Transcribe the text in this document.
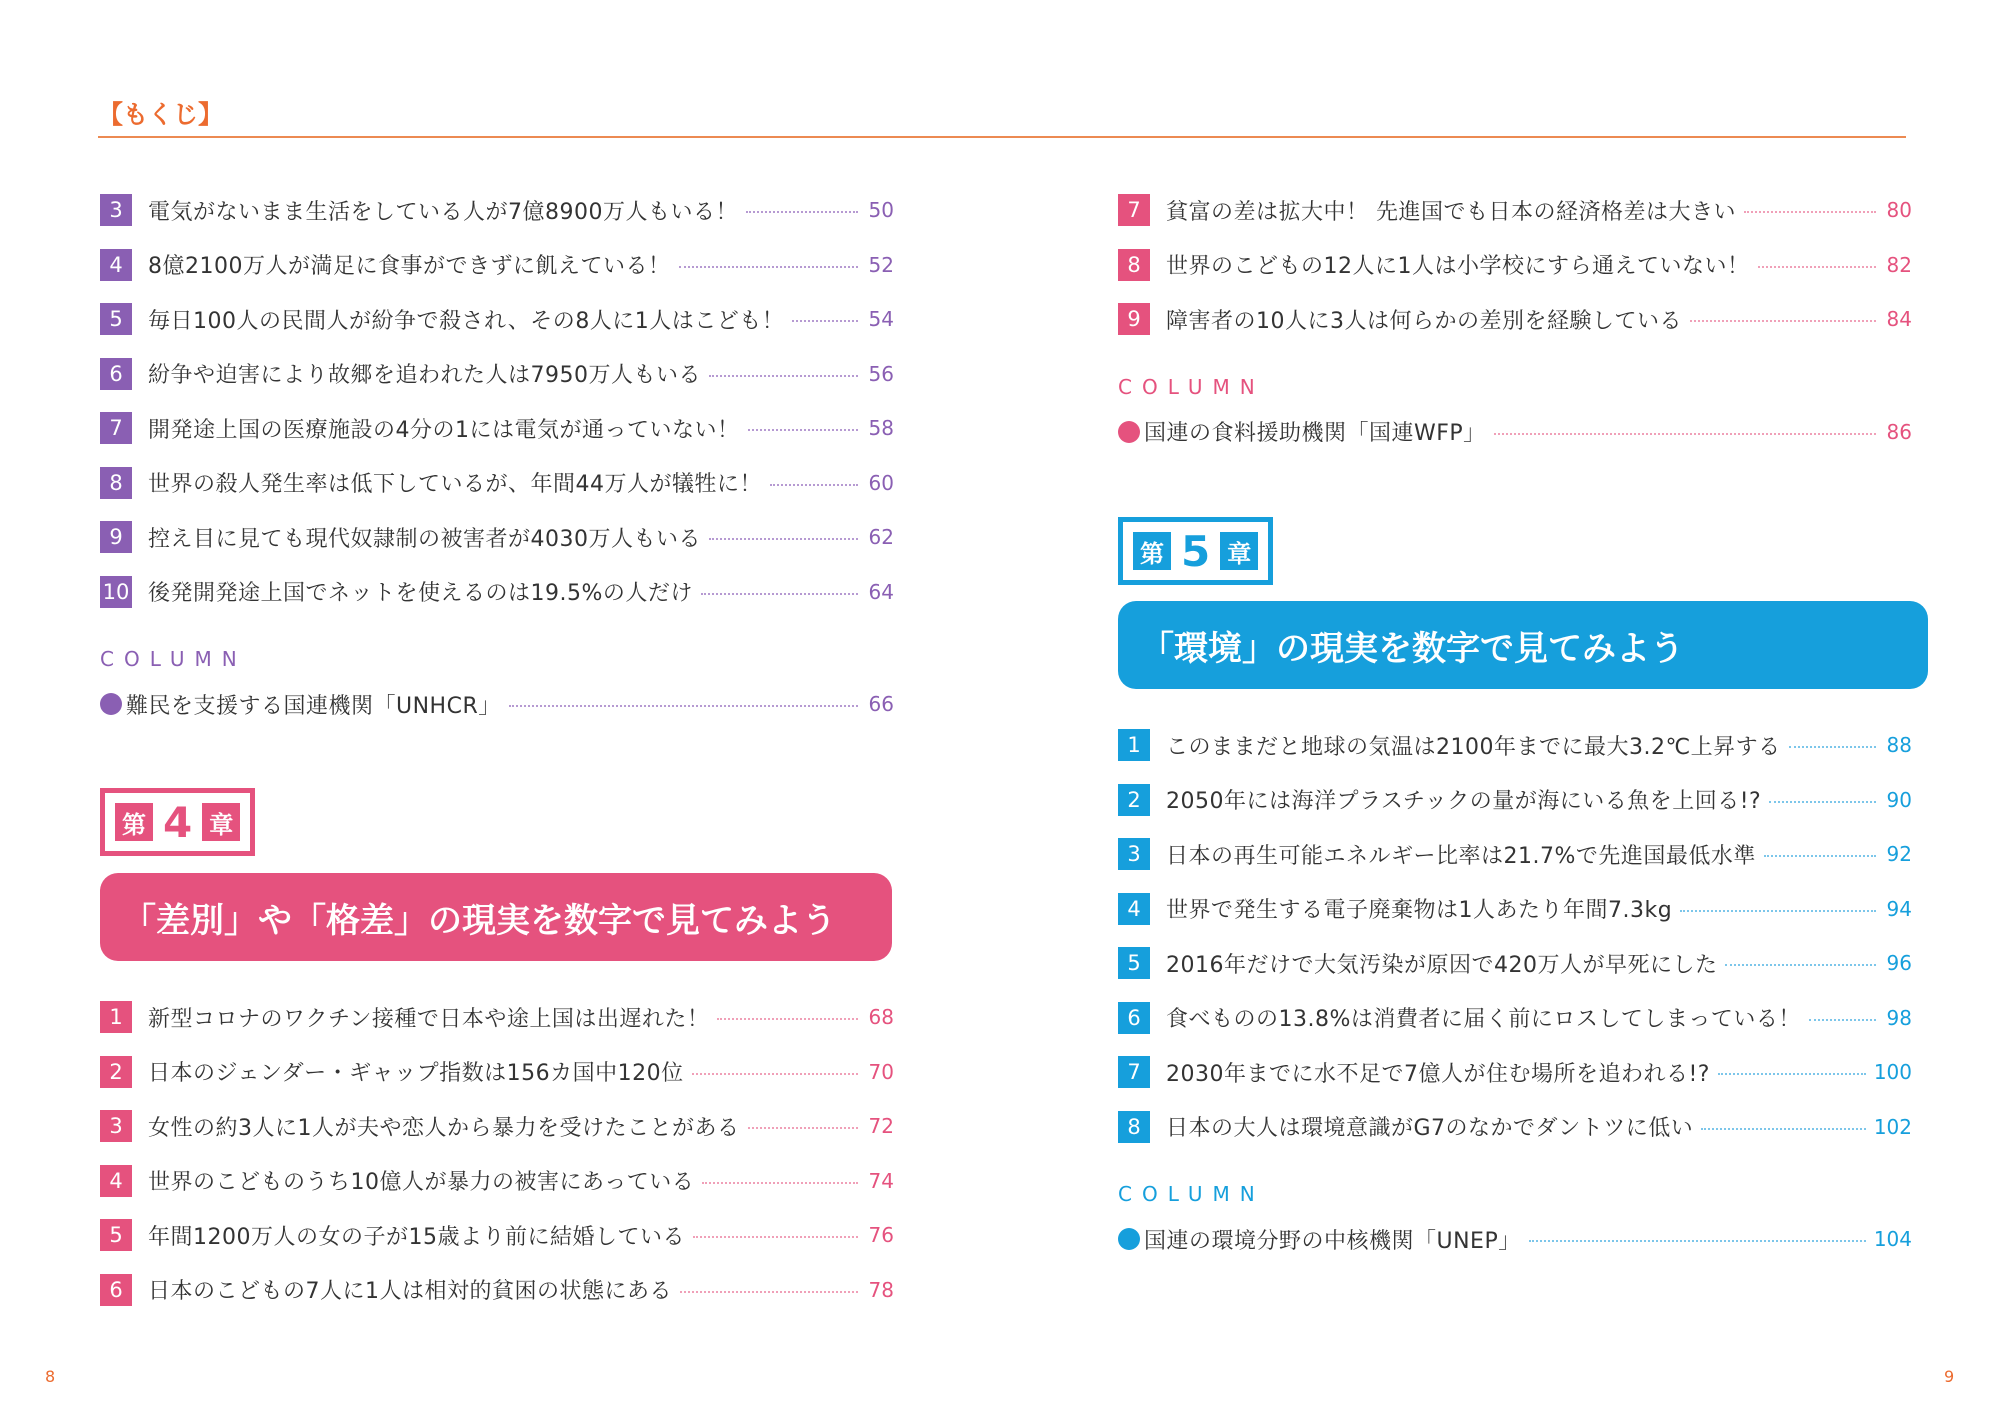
【もくじ】
3	電気がないまま生活をしている人が7億8900万人もいる！	50
4	8億2100万人が満足に食事ができずに飢えている！	52
5	毎日100人の民間人が紛争で殺され、その8人に1人はこども！	54
6	紛争や迫害により故郷を追われた人は7950万人もいる	56
7	開発途上国の医療施設の4分の1には電気が通っていない！	58
8	世界の殺人発生率は低下しているが、年間44万人が犠牲に！	60
9	控え目に見ても現代奴隷制の被害者が4030万人もいる	62
10 後発開発途上国でネットを使えるのは19.5%の人だけ	64
COLUMN
難民を支援する国連機関「UNHCR」	66
第 4 章
「差別」や「格差」の現実を数字で見てみよう
1	新型コロナのワクチン接種で日本や途上国は出遅れた！	68
2	日本のジェンダー・ギャップ指数は156カ国中120位	70
3	女性の約3人に1人が夫や恋人から暴力を受けたことがある	72
4	世界のこどものうち10億人が暴力の被害にあっている	74
5	年間1200万人の女の子が15歳より前に結婚している	76
6	日本のこどもの7人に1人は相対的貧困の状態にある	78
7	貧富の差は拡大中！ 先進国でも日本の経済格差は大きい	80
8	世界のこどもの12人に1人は小学校にすら通えていない！	82
9	障害者の10人に3人は何らかの差別を経験している	84
COLUMN
国連の食料援助機関「国連WFP」	86
第 5 章
「環境」の現実を数字で見てみよう
1	このままだと地球の気温は2100年までに最大3.2℃上昇する	88
2	2050年には海洋プラスチックの量が海にいる魚を上回る!?	90
3	日本の再生可能エネルギー比率は21.7%で先進国最低水準	92
4	世界で発生する電子廃棄物は1人あたり年間7.3kg	94
5	2016年だけで大気汚染が原因で420万人が早死にした	96
6	食べものの13.8%は消費者に届く前にロスしてしまっている！	98
7	2030年までに水不足で7億人が住む場所を追われる!?	100
8	日本の大人は環境意識がG7のなかでダントツに低い	102
COLUMN
国連の環境分野の中核機関「UNEP」	104
8	9
